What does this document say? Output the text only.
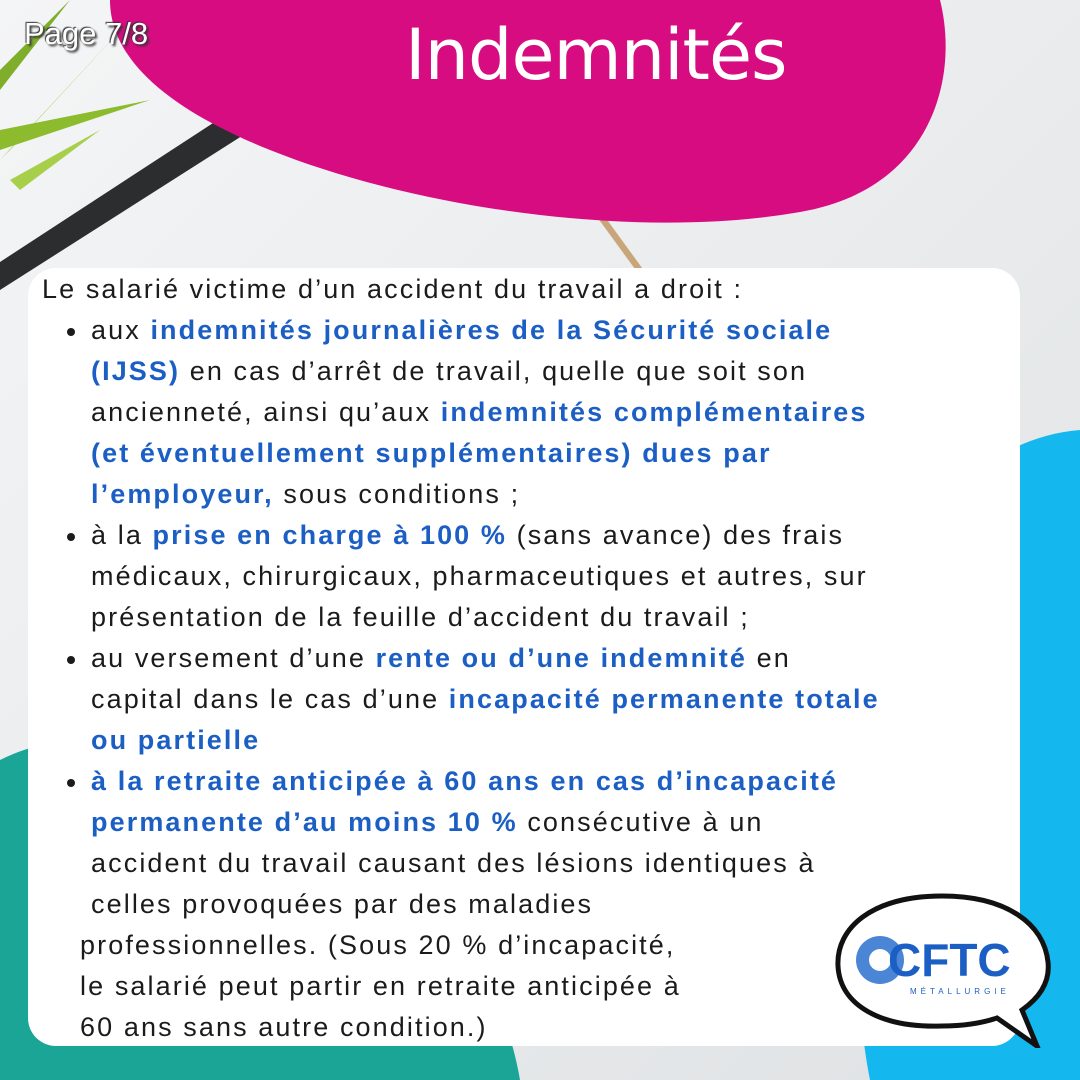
Page 7/8	Indemnités
Le salarié victime d’un accident du travail a droit :
aux indemnités journalières de la Sécurité sociale
(IJSS) en cas d’arrêt de travail, quelle que soit son
ancienneté, ainsi qu’aux indemnités complémentaires
(et éventuellement supplémentaires) dues par
l’employeur, sous conditions ;
à la prise en charge à 100 % (sans avance) des frais
médicaux, chirurgicaux, pharmaceutiques et autres, sur
présentation de la feuille d’accident du travail ;
au versement d’une rente ou d’une indemnité en
capital dans le cas d’une incapacité permanente totale
ou partielle
à la retraite anticipée à 60 ans en cas d’incapacité
permanente d’au moins 10 % consécutive à un
accident du travail causant des lésions identiques à
celles provoquées par des maladies
professionnelles. (Sous 20 % d’incapacité,
le salarié peut partir en retraite anticipée à
60 ans sans autre condition.)
CFTC
MÉTALLURGIE
